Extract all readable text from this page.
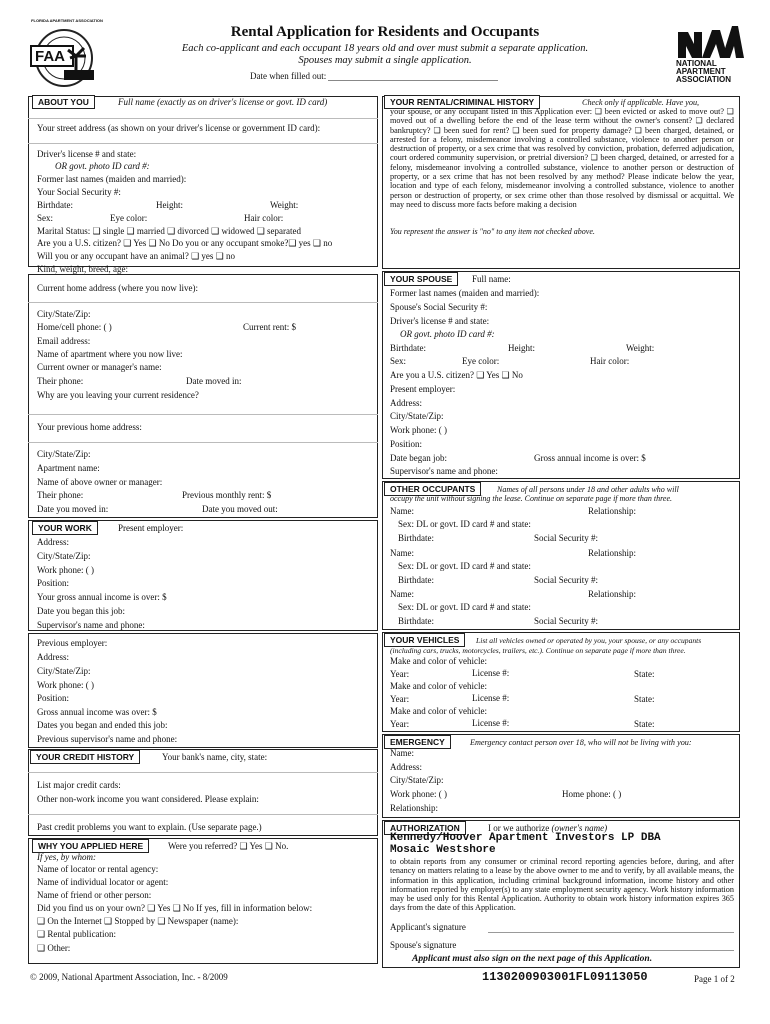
FAA
FLORIDA APARTMENT ASSOCIATION
Rental Application for Residents and Occupants
Each co-applicant and each occupant 18 years old and over must submit a separate application.
Spouses may submit a single application.
Date when filled out:
NATIONAL
APARTMENT
ASSOCIATION
ABOUT YOU	Full name (exactly as on driver's license or govt. ID card)
Your street address (as shown on your driver's license or government ID card):
Driver's license # and state:
OR govt. photo ID card #:
Former last names (maiden and married):
Your Social Security #:
Birthdate:	Height:	Weight:
Sex:	Eye color:	Hair color:
Marital Status: ❑ single ❑ married ❑ divorced ❑ widowed ❑ separated
Are you a U.S. citizen? ❑ Yes ❑ No Do you or any occupant smoke?❑ yes ❑ no
Will you or any occupant have an animal? ❑ yes ❑ no
Kind, weight, breed, age:
Current home address (where you now live):
City/State/Zip:
Home/cell phone: ( )	Current rent: $
Email address:
Name of apartment where you now live:
Current owner or manager's name:
Their phone:	Date moved in:
Why are you leaving your current residence?
Your previous home address:
City/State/Zip:
Apartment name:
Name of above owner or manager:
Their phone:	Previous monthly rent: $
Date you moved in:	Date you moved out:
YOUR WORK	Present employer:
Address:
City/State/Zip:
Work phone: ( )
Position:
Your gross annual income is over: $
Date you began this job:
Supervisor's name and phone:
Previous employer:
Address:
City/State/Zip:
Work phone: ( )
Position:
Gross annual income was over: $
Dates you began and ended this job:
Previous supervisor's name and phone:
YOUR CREDIT HISTORY	Your bank's name, city, state:
List major credit cards:
Other non-work income you want considered. Please explain:
Past credit problems you want to explain. (Use separate page.)
WHY YOU APPLIED HERE	Were you referred? ❑ Yes ❑ No.
If yes, by whom:
Name of locator or rental agency:
Name of individual locator or agent:
Name of friend or other person:
Did you find us on your own? ❑ Yes ❑ No If yes, fill in information below:
❑ On the Internet ❑ Stopped by ❑ Newspaper (name):
❑ Rental publication:
❑ Other:
YOUR RENTAL/CRIMINAL HISTORY	Check only if applicable. Have you,
your spouse, or any occupant listed in this Application ever: ❑ been evicted or asked to move out? ❑ moved out of a dwelling before the end of the lease term without the owner's consent? ❑ declared bankruptcy? ❑ been sued for rent? ❑ been sued for property damage? ❑ been charged, detained, or arrested for a felony, misdemeanor involving a controlled substance, violence to another person or destruction of property, or a sex crime that was resolved by conviction, probation, deferred adjudication, court ordered community supervision, or pretrial diversion? ❑ been charged, detained, or arrested for a felony, misdemeanor involving a controlled substance, violence to another person or destruction of property, or a sex crime that has not been resolved by any method? Please indicate below the year, location and type of each felony, misdemeanor involving a controlled substance, violence to another person or destruction of property, or sex crime other than those resolved by dismissal or acquittal. We may need to discuss more facts before making a decision
You represent the answer is "no" to any item not checked above.
YOUR SPOUSE	Full name:
Former last names (maiden and married):
Spouse's Social Security #:
Driver's license # and state:
OR govt. photo ID card #:
Birthdate:	Height:	Weight:
Sex:	Eye color:	Hair color:
Are you a U.S. citizen? ❑ Yes ❑ No
Present employer:
Address:
City/State/Zip:
Work phone: ( )
Position:
Date began job:	Gross annual income is over: $
Supervisor's name and phone:
OTHER OCCUPANTS	Names of all persons under 18 and other adults who will
occupy the unit without signing the lease. Continue on separate page if more than three.
Name:	Relationship:
Sex: DL or govt. ID card # and state:
Birthdate:	Social Security #:
Name:	Relationship:
Sex: DL or govt. ID card # and state:
Birthdate:	Social Security #:
Name:	Relationship:
Sex: DL or govt. ID card # and state:
Birthdate:	Social Security #:
YOUR VEHICLES	List all vehicles owned or operated by you, your spouse, or any occupants
(including cars, trucks, motorcycles, trailers, etc.). Continue on separate page if more than three.
Make and color of vehicle:
Year:	License #:	State:
Make and color of vehicle:
Year:	License #:	State:
Make and color of vehicle:
Year:	License #:	State:
EMERGENCY	Emergency contact person over 18, who will not be living with you:
Name:
Address:
City/State/Zip:
Work phone: ( )	Home phone: ( )
Relationship:
AUTHORIZATION	I or we authorize (owner's name)
Kennedy/Hoover Apartment Investors LP DBA
Mosaic Westshore
to obtain reports from any consumer or criminal record reporting agencies before, during, and after tenancy on matters relating to a lease by the above owner to me and to verify, by all available means, the information in this application, including criminal background information, income history and other information reported by employer(s) to any state employment security agency. Work history information may be used only for this Rental Application. Authority to obtain work history information expires 365 days from the date of this Application.
Applicant's signature
Spouse's signature
Applicant must also sign on the next page of this Application.
© 2009, National Apartment Association, Inc. - 8/2009	1130200903001FL09113050	Page 1 of 2
